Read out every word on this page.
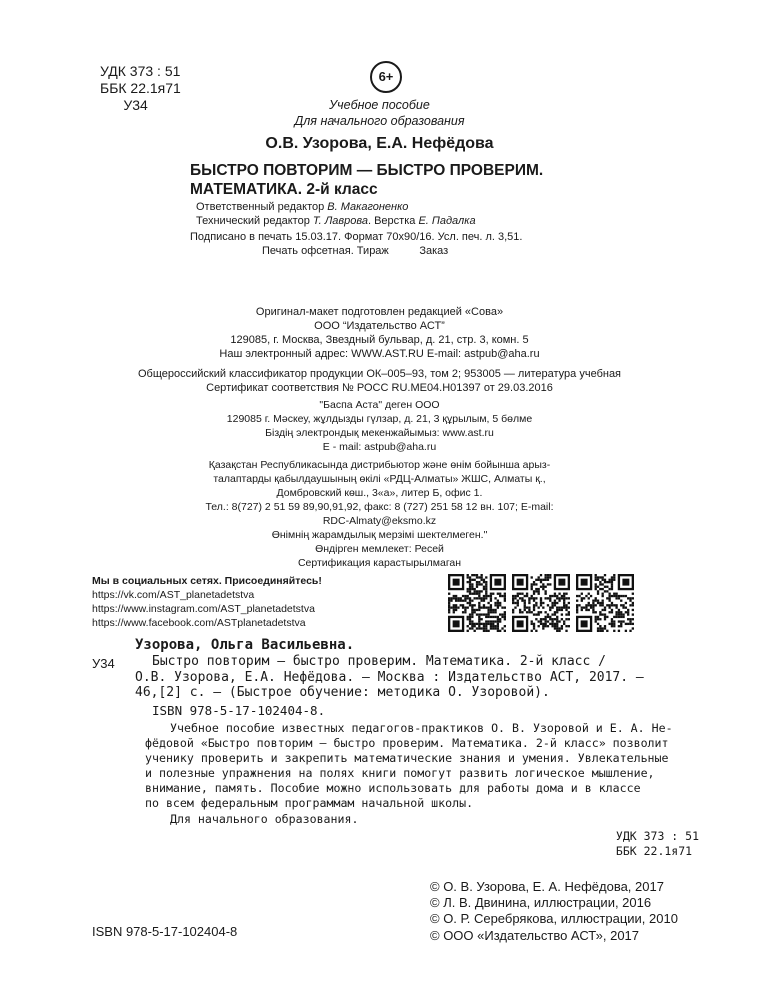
УДК 373 : 51
ББК 22.1я71
У34
6+
Учебное пособие
Для начального образования
О.В. Узорова, Е.А. Нефёдова
БЫСТРО ПОВТОРИМ — БЫСТРО ПРОВЕРИМ.
МАТЕМАТИКА. 2-й класс
Ответственный редактор В. Макагоненко
Технический редактор Т. Лаврова. Верстка Е. Падалка
Подписано в печать 15.03.17. Формат 70x90/16. Усл. печ. л. 3,51.
Печать офсетная. Тираж          Заказ
Оригинал-макет подготовлен редакцией «Сова»
ООО “Издательство АСТ”
129085, г. Москва, Звездный бульвар, д. 21, стр. 3, комн. 5
Наш электронный адрес: WWW.AST.RU E-mail: astpub@aha.ru
Общероссийский классификатор продукции ОК–005–93, том 2; 953005 — литература учебная
Сертификат соответствия № РОСС RU.МЕ04.Н01397 от 29.03.2016
"Баспа Аста" деген ООО
129085 г. Мәскеу, жұлдызды гүлзар, д. 21, 3 құрылым, 5 бөлме
Біздің электрондық мекенжайымыз: www.ast.ru
E - mail: astpub@aha.ru
Қазақстан Республикасында дистрибьютор және өнім бойынша арыз-
талаптарды қабылдаушының өкілі «РДЦ-Алматы» ЖШС, Алматы қ.,
Домбровский көш., 3«а», литер Б, офис 1.
Тел.: 8(727) 2 51 59 89,90,91,92, факс: 8 (727) 251 58 12 вн. 107; E-mail:
RDC-Almaty@eksmo.kz
Өнімнің жарамдылық мерзімі шектелмеген."
Өндірген мемлекет: Ресей
Сертификация карастырылмаган
Мы в социальных сетях. Присоединяйтесь!
https://vk.com/AST_planetadetstva
https://www.instagram.com/AST_planetadetstva
https://www.facebook.com/ASTplanetadetstva
Узорова, Ольга Васильевна.
У34	Быстро повторим — быстро проверим. Математика. 2-й класс /
О.В. Узорова, Е.А. Нефёдова. — Москва : Издательство АСТ, 2017. —
46,[2] с. — (Быстрое обучение: методика О. Узоровой).
ISBN 978-5-17-102404-8.
Учебное пособие известных педагогов-практиков О. В. Узоровой и Е. А. Не-
фёдовой «Быстро повторим — быстро проверим. Математика. 2-й класс» позволит
ученику проверить и закрепить математические знания и умения. Увлекательные
и полезные упражнения на полях книги помогут развить логическое мышление,
внимание, память. Пособие можно использовать для работы дома и в классе
по всем федеральным программам начальной школы.
Для начального образования.
УДК 373 : 51
ББК 22.1я71
© О. В. Узорова, Е. А. Нефёдова, 2017
© Л. В. Двинина, иллюстрации, 2016
© О. Р. Серебрякова, иллюстрации, 2010
© ООО «Издательство АСТ», 2017
ISBN 978-5-17-102404-8
